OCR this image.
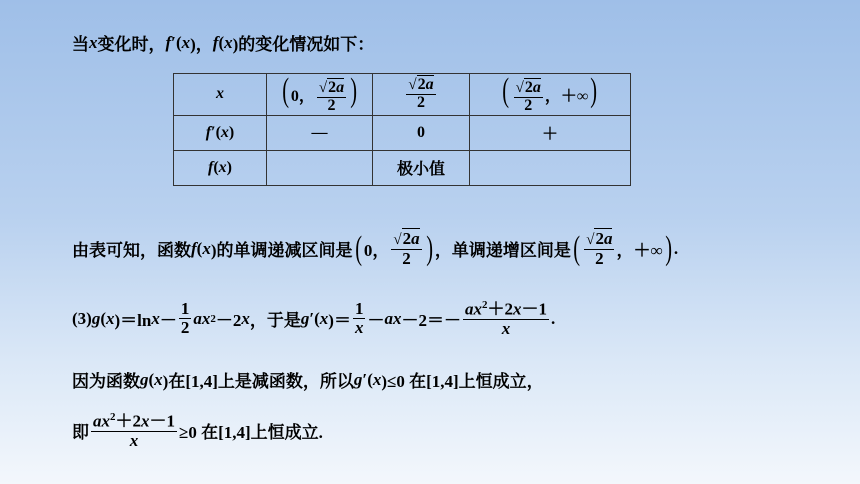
当 x 变化时， f ′( x )， f ( x )的变化情况如下：
x	( 0， $\frac{√2a}{2}$ )	$\frac{√2a}{2}$	( $\frac{√2a}{2}$ ，＋∞)
f′(x)	—	0	＋
f(x)		极小值	
由表可知，函数 f ( x )的单调递减区间是 ( 0， $\frac{√2a}{2}$ ) ，单调递增区间是 ( $\frac{√2a}{2}$ ，＋∞ ) .
(3) g ( x )＝ln $x - \frac{1}{2}$ ax 2 －2 x ，于是 g ′( x )＝ $\frac{1}{x}$ － ax $-2=- \frac{ax^2+2x-1}{x}$ .
因为函数 g ( x )在[1,4]上是减函数，所以 g ′( x )≤0 在[1,4]上恒成立，
即 $\frac{ax^2+2x-1}{x} \ge 0$ 在[1,4]上恒成立.
